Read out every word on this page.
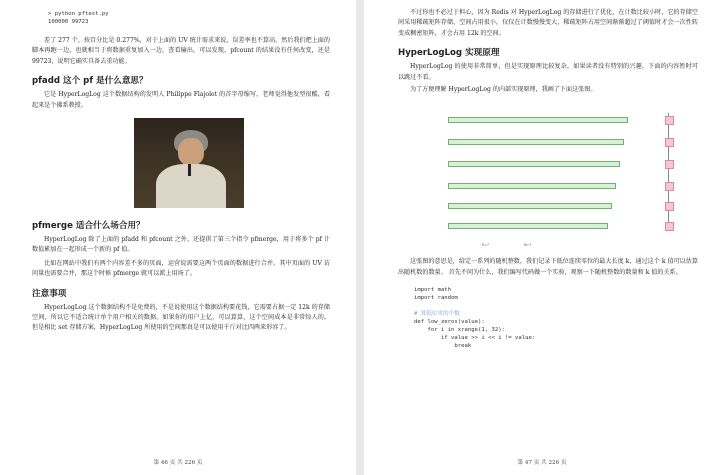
> python pftest.py
100000 99723

差了 277 个，按百分比是 0.277%，对于上面的 UV 统计需求来说，误差率也不算高。然后我们把上面的脚本再跑一边，也就相当于将数据重复加入一边，查看输出，可以发现，pfcount 的结果没有任何改变，还是 99723，说明它确实具备去重功能。

pfadd 这个 pf 是什么意思？

它是 HyperLogLog 这个数据结构的发明人 Philippe Flajolet 的首字母缩写，老师觉得他发型很酷，看起来是个佛系教授。

pfmerge 适合什么场合用？

HyperLogLog 除了上面的 pfadd 和 pfcount 之外，还提供了第三个指令 pfmerge，用于将多个 pf 计数值累加在一起形成一个新的 pf 值。

比如在网站中我们有两个内容差不多的页面，运营说需要这两个页面的数据进行合并。其中页面的 UV 访问量也需要合并，那这个时候 pfmerge 就可以派上用场了。

注意事项

HyperLogLog 这个数据结构不是免费的，不是说使用这个数据结构要花钱，它需要占据一定 12k 的存储空间，所以它不适合统计单个用户相关的数据。如果你的用户上亿，可以算算，这个空间成本是非常惊人的。但是相比 set 存储方案，HyperLogLog 所使用的空间那真是可以使用千斤对比四两来形容了。

第 46 页 共 226 页

不过你也不必过于担心，因为 Redis 对 HyperLogLog 的存储进行了优化，在计数比较小时，它的存储空间采用稀疏矩阵存储，空间占用很小，仅仅在计数慢慢变大，稀疏矩阵占用空间渐渐超过了阈值时才会一次性转变成稠密矩阵，才会占用 12k 的空间。

HyperLogLog 实现原理

HyperLogLog 的使用非常简单，但是实现原理比较复杂，如果读者没有特别的兴趣，下面的内容暂时可以跳过不看。

为了方便理解 HyperLogLog 的内部实现原理，我画了下面这张图。

K=?	N=?

这张图的意思是，给定一系列的随机整数，我们记录下低位连续零位的最大长度 k，通过这个 k 值可以估算出随机数的数量。 首先不问为什么，我们编写代码做一个实验，观察一下随机整数的数量和 k 值的关系。

import math
import random
# 算低位零的个数
def low_zeros(value):
for i in xrange(1, 32):
if value >> i << i != value:
break
第 47 页 共 226 页
